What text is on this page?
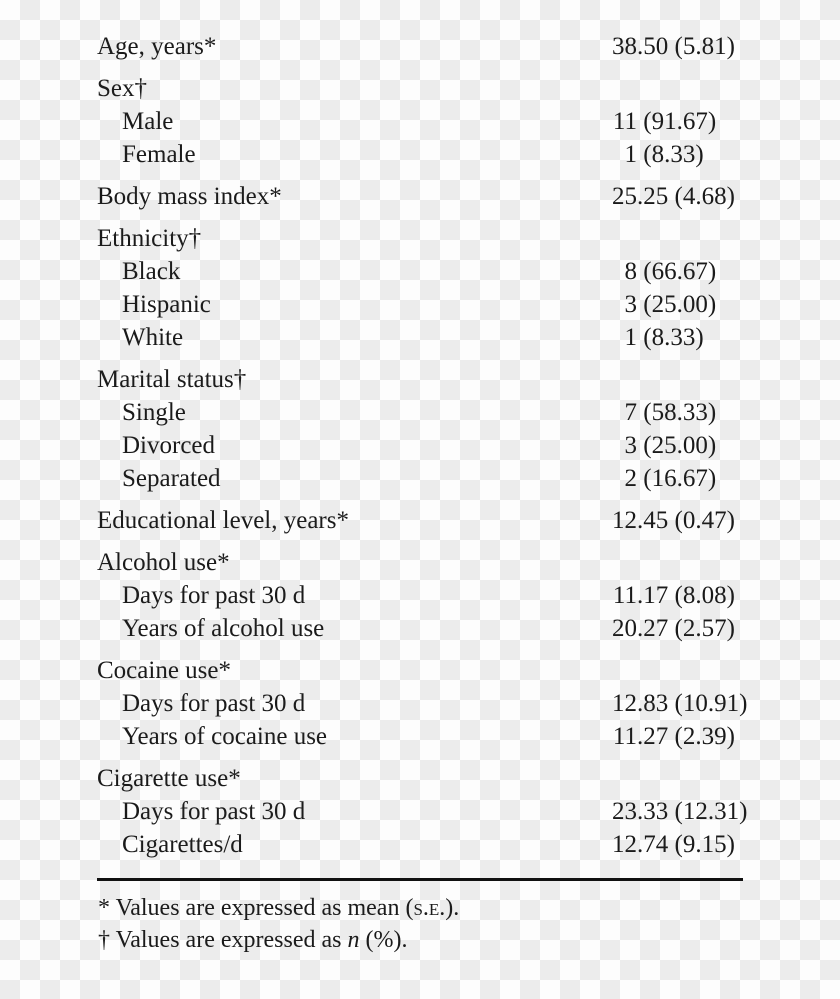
Age, years*	38.50 (5.81)
Sex†
Male	11 (91.67)
Female	1 (8.33)
Body mass index*	25.25 (4.68)
Ethnicity†
Black	8 (66.67)
Hispanic	3 (25.00)
White	1 (8.33)
Marital status†
Single	7 (58.33)
Divorced	3 (25.00)
Separated	2 (16.67)
Educational level, years*	12.45 (0.47)
Alcohol use*
Days for past 30 d	11.17 (8.08)
Years of alcohol use	20.27 (2.57)
Cocaine use*
Days for past 30 d	12.83 (10.91)
Years of cocaine use	11.27 (2.39)
Cigarette use*
Days for past 30 d	23.33 (12.31)
Cigarettes/d	12.74 (9.15)
* Values are expressed as mean (s.e.).
† Values are expressed as n (%).
